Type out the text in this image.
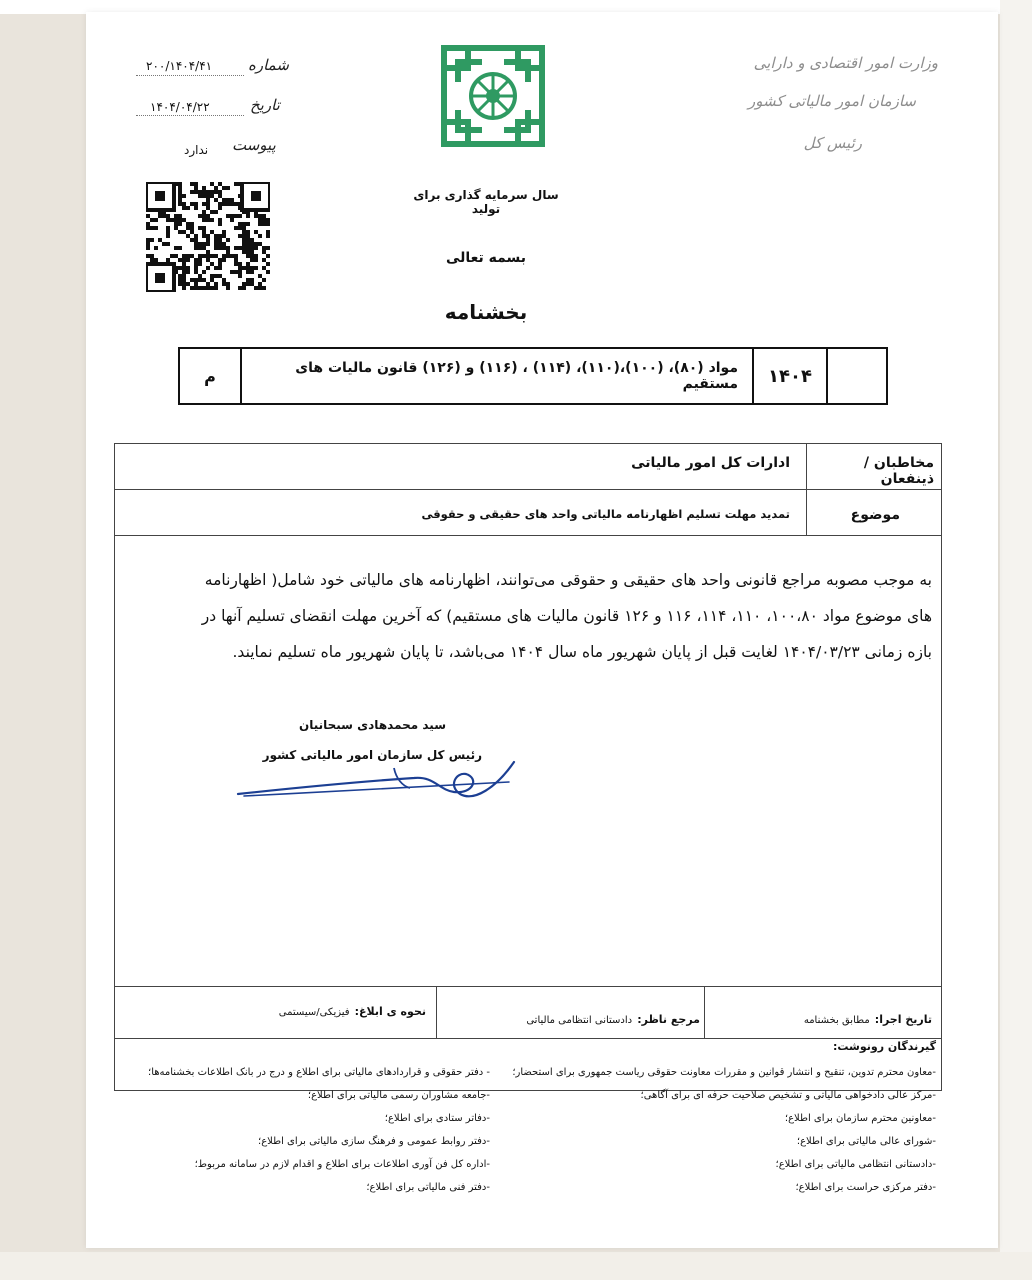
شماره
۲۰۰/۱۴۰۴/۴۱
تاریخ
۱۴۰۴/۰۴/۲۲
پیوست
ندارد
وزارت امور اقتصادی و دارایی
سازمان امور مالیاتی کشور
رئیس کل
سال سرمایه گذاری برای تولید
بسمه تعالی
بخشنامه
	۱۴۰۴	مواد (۸۰)، (۱۰۰)،(۱۱۰)، (۱۱۴) ، (۱۱۶) و (۱۲۶) قانون مالیات های مستقیم	م
مخاطبان / ذینفعان
ادارات کل امور مالیاتی
موضوع
تمدید مهلت تسلیم اظهارنامه مالیاتی واحد های حقیقی و حقوقی
به موجب مصوبه مراجع قانونی واحد های حقیقی و حقوقی می‌توانند، اظهارنامه های مالیاتی خود شامل( اظهارنامه
های موضوع مواد ۱۰۰،۸۰، ۱۱۰، ۱۱۴، ۱۱۶ و ۱۲۶ قانون مالیات های مستقیم) که آخرین مهلت انقضای تسلیم آنها در
بازه زمانی ۱۴۰۴/۰۳/۲۳ لغایت قبل از پایان شهریور ماه سال ۱۴۰۴ می‌باشد، تا پایان شهریور ماه تسلیم نمایند.
سید محمدهادی سبحانیان
رئیس کل سازمان امور مالیاتی کشور
تاریخ اجرا: مطابق بخشنامه
مرجع ناظر: دادستانی انتظامی مالیاتی
نحوه ی ابلاغ: فیزیکی/سیستمی
گیرندگان رونوشت:
-معاون محترم تدوین، تنقیح و انتشار قوانین و مقررات معاونت حقوقی ریاست جمهوری برای استحضار؛
-مرکز عالی دادخواهی مالیاتی و تشخیص صلاحیت حرفه ای برای آگاهی؛
-معاونین محترم سازمان برای اطلاع؛
-شورای عالی مالیاتی برای اطلاع؛
-دادستانی انتظامی مالیاتی برای اطلاع؛
-دفتر مرکزی حراست برای اطلاع؛
- دفتر حقوقی و قراردادهای مالیاتی برای اطلاع و درج در بانک اطلاعات بخشنامه‌ها؛
-جامعه مشاوران رسمی مالیاتی برای اطلاع؛
-دفاتر ستادی برای اطلاع؛
-دفتر روابط عمومی و فرهنگ سازی مالیاتی برای اطلاع؛
-اداره کل فن آوری اطلاعات برای اطلاع و اقدام لازم در سامانه مربوط؛
-دفتر فنی مالیاتی برای اطلاع؛
